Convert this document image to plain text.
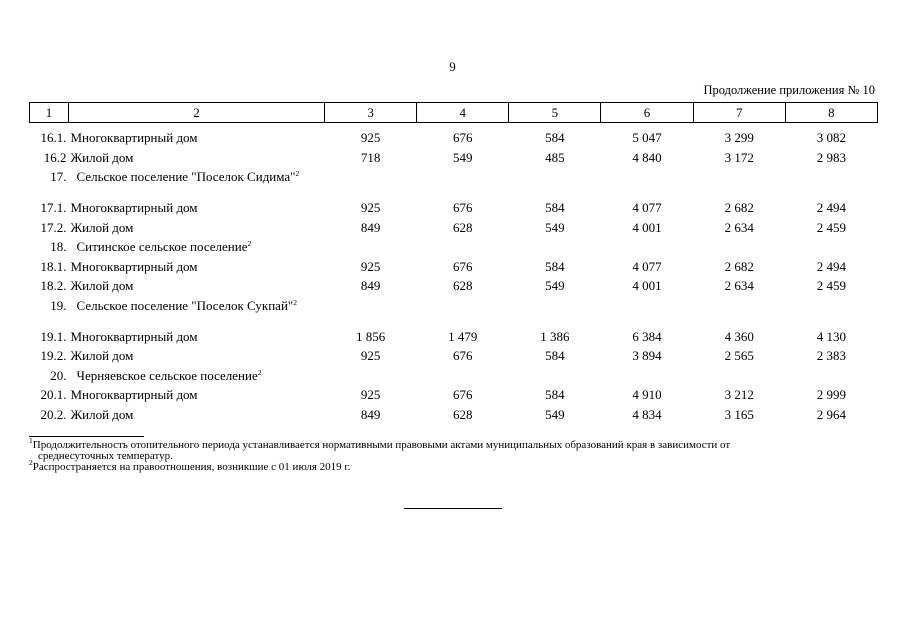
9
Продолжение приложения № 10
1	2	3	4	5	6	7	8
16.1.	Многоквартирный дом	925	676	584	5 047	3 299	3 082
16.2	Жилой дом	718	549	485	4 840	3 172	2 983
17.	Сельское поселение "Поселок Сидима"$^2$						
17.1.	Многоквартирный дом	925	676	584	4 077	2 682	2 494
17.2.	Жилой дом	849	628	549	4 001	2 634	2 459
18.	Ситинское сельское поселение$^2$						
18.1.	Многоквартирный дом	925	676	584	4 077	2 682	2 494
18.2.	Жилой дом	849	628	549	4 001	2 634	2 459
19.	Сельское поселение "Поселок Сукпай"$^2$						
19.1.	Многоквартирный дом	1 856	1 479	1 386	6 384	4 360	4 130
19.2.	Жилой дом	925	676	584	3 894	2 565	2 383
20.	Черняевское сельское поселение$^2$						
20.1.	Многоквартирный дом	925	676	584	4 910	3 212	2 999
20.2.	Жилой дом	849	628	549	4 834	3 165	2 964
$^1$Продолжительность отопительного периода устанавливается нормативными правовыми актами муниципальных образований края в зависимости от
среднесуточных температур.
$^2$Распространяется на правоотношения, возникшие с 01 июля 2019 г.
